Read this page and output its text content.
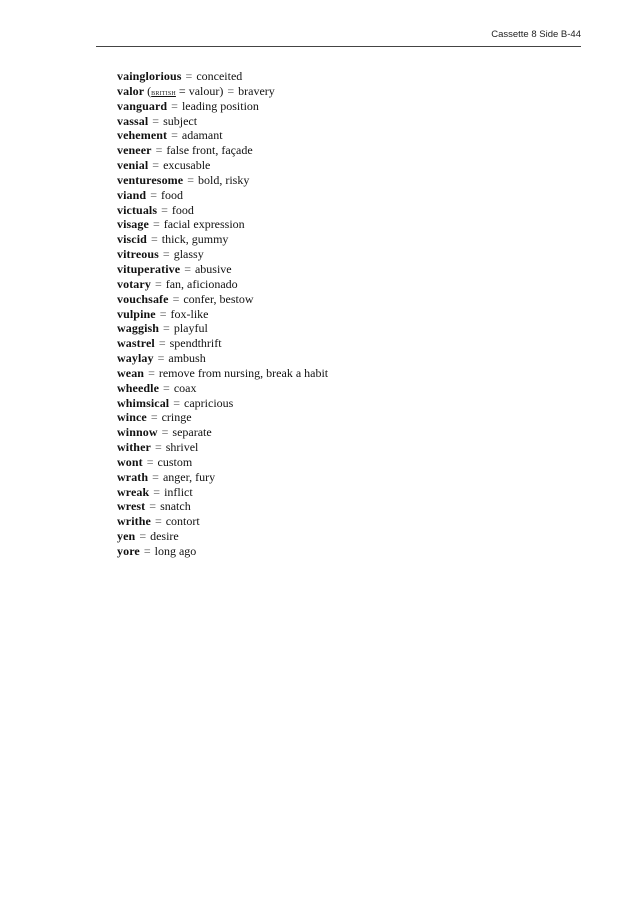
Cassette 8 Side B-44
vainglorious = conceited
valor (BRITISH = valour) = bravery
vanguard = leading position
vassal = subject
vehement = adamant
veneer = false front, façade
venial = excusable
venturesome = bold, risky
viand = food
victuals = food
visage = facial expression
viscid = thick, gummy
vitreous = glassy
vituperative = abusive
votary = fan, aficionado
vouchsafe = confer, bestow
vulpine = fox-like
waggish = playful
wastrel = spendthrift
waylay = ambush
wean = remove from nursing, break a habit
wheedle = coax
whimsical = capricious
wince = cringe
winnow = separate
wither = shrivel
wont = custom
wrath = anger, fury
wreak = inflict
wrest = snatch
writhe = contort
yen = desire
yore = long ago
